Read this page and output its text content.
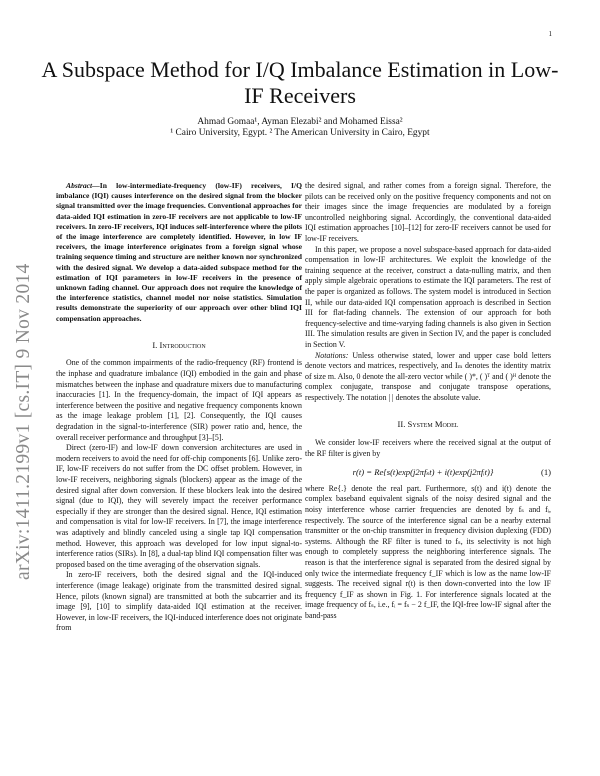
1
arXiv:1411.2199v1 [cs.IT] 9 Nov 2014
A Subspace Method for I/Q Imbalance Estimation in Low-IF Receivers
Ahmad Gomaa¹, Ayman Elezabi² and Mohamed Eissa²
¹ Cairo University, Egypt. ² The American University in Cairo, Egypt

Abstract—In low-intermediate-frequency (low-IF) receivers, I/Q imbalance (IQI) causes interference on the desired signal from the blocker signal transmitted over the image frequencies. Conventional approaches for data-aided IQI estimation in zero-IF receivers are not applicable to low-IF receivers. In zero-IF receivers, IQI induces self-interference where the pilots of the image interference are completely identified. However, in low IF receivers, the image interference originates from a foreign signal whose training sequence timing and structure are neither known nor synchronized with the desired signal. We develop a data-aided subspace method for the estimation of IQI parameters in low-IF receivers in the presence of unknown fading channel. Our approach does not require the knowledge of the interference statistics, channel model nor noise statistics. Simulation results demonstrate the superiority of our approach over other blind IQI compensation approaches.

I. Introduction

One of the common impairments of the radio-frequency (RF) frontend is the inphase and quadrature imbalance (IQI) embodied in the gain and phase mismatches between the inphase and quadrature mixers due to manufacturing inaccuracies [1]. In the frequency-domain, the impact of IQI appears as interference between the positive and negative frequency components known as the image leakage problem [1], [2]. Consequently, the IQI causes degradation in the signal-to-interference (SIR) power ratio and, hence, the overall receiver performance and throughput [3]–[5].

Direct (zero-IF) and low-IF down conversion architectures are used in modern receivers to avoid the need for off-chip components [6]. Unlike zero-IF, low-IF receivers do not suffer from the DC offset problem. However, in low-IF receivers, neighboring signals (blockers) appear as the image of the desired signal after down conversion. If these blockers leak into the desired signal (due to IQI), they will severely impact the receiver performance especially if they are stronger than the desired signal. Hence, IQI estimation and compensation is vital for low-IF receivers. In [7], the image interference was adaptively and blindly canceled using a single tap IQI compensation method. However, this approach was developed for low input signal-to-interference ratios (SIRs). In [8], a dual-tap blind IQI compensation filter was proposed based on the time averaging of the observation signals.

In zero-IF receivers, both the desired signal and the IQI-induced interference (image leakage) originate from the transmitted desired signal. Hence, pilots (known signal) are transmitted at both the subcarrier and its image [9], [10] to simplify data-aided IQI estimation at the receiver. However, in low-IF receivers, the IQI-induced interference does not originate from

the desired signal, and rather comes from a foreign signal. Therefore, the pilots can be received only on the positive frequency components and not on their images since the image frequencies are modulated by a foreign uncontrolled neighboring signal. Accordingly, the conventional data-aided IQI estimation approaches [10]–[12] for zero-IF receivers cannot be used for low-IF receivers.

In this paper, we propose a novel subspace-based approach for data-aided compensation in low-IF architectures. We exploit the knowledge of the training sequence at the receiver, construct a data-nulling matrix, and then apply simple algebraic operations to estimate the IQI parameters. The rest of the paper is organized as follows. The system model is introduced in Section II, while our data-aided IQI compensation approach is described in Section III for flat-fading channels. The extension of our approach for both frequency-selective and time-varying fading channels is also given in Section III. The simulation results are given in Section IV, and the paper is concluded in Section V.

Notations: Unless otherwise stated, lower and upper case bold letters denote vectors and matrices, respectively, and Iₘ denotes the identity matrix of size m. Also, 0 denote the all-zero vector while ( )*, ( )ᵀ and ( )ᴴ denote the complex conjugate, transpose and conjugate transpose operations, respectively. The notation | | denotes the absolute value.

II. System Model

We consider low-IF receivers where the received signal at the output of the RF filter is given by

r(t) = Re{s(t)exp(j2πfₛt) + i(t)exp(j2πfᵢt)}	(1)

where Re{.} denote the real part. Furthermore, s(t) and i(t) denote the complex baseband equivalent signals of the noisy desired signal and the noisy interference whose carrier frequencies are denoted by fₛ and fᵢ, respectively. The source of the interference signal can be a nearby external transmitter or the on-chip transmitter in frequency division duplexing (FDD) systems. Although the RF filter is tuned to fₛ, its selectivity is not high enough to completely suppress the neighboring interference signals. The reason is that the interference signal is separated from the desired signal by only twice the intermediate frequency f_IF which is low as the name low-IF suggests. The received signal r(t) is then down-converted into the low IF frequency f_IF as shown in Fig. 1. For interference signals located at the image frequency of fₛ, i.e., fᵢ = fₛ − 2 f_IF, the IQI-free low-IF signal after the band-pass
